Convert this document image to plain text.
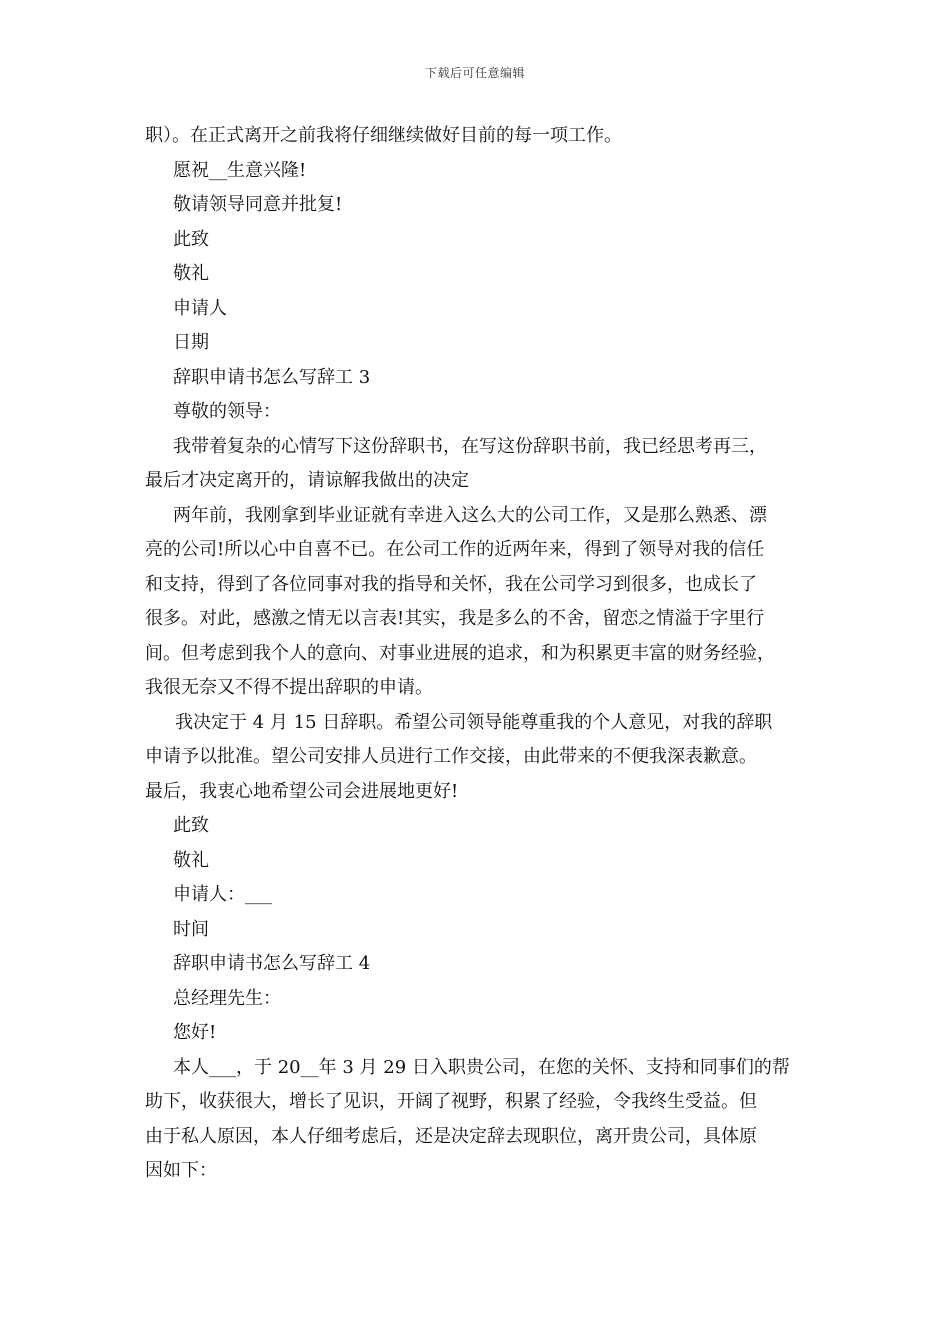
下载后可任意编辑
职）。在正式离开之前我将仔细继续做好目前的每一项工作。
愿祝__生意兴隆!
敬请领导同意并批复!
此致
敬礼
申请人
日期
辞职申请书怎么写辞工 3
尊敬的领导：
我带着复杂的心情写下这份辞职书，在写这份辞职书前，我已经思考再三，
最后才决定离开的，请谅解我做出的决定
两年前，我刚拿到毕业证就有幸进入这么大的公司工作，又是那么熟悉、漂
亮的公司!所以心中自喜不已。在公司工作的近两年来，得到了领导对我的信任
和支持，得到了各位同事对我的指导和关怀，我在公司学习到很多，也成长了
很多。对此，感激之情无以言表!其实，我是多么的不舍，留恋之情溢于字里行
间。但考虑到我个人的意向、对事业进展的追求，和为积累更丰富的财务经验，
我很无奈又不得不提出辞职的申请。
我决定于 4 月 15 日辞职。希望公司领导能尊重我的个人意见，对我的辞职
申请予以批准。望公司安排人员进行工作交接，由此带来的不便我深表歉意。
最后，我衷心地希望公司会进展地更好!
此致
敬礼
申请人：___
时间
辞职申请书怎么写辞工 4
总经理先生：
您好!
本人___，于 20__年 3 月 29 日入职贵公司，在您的关怀、支持和同事们的帮
助下，收获很大，增长了见识，开阔了视野，积累了经验，令我终生受益。但
由于私人原因，本人仔细考虑后，还是决定辞去现职位，离开贵公司，具体原
因如下：
